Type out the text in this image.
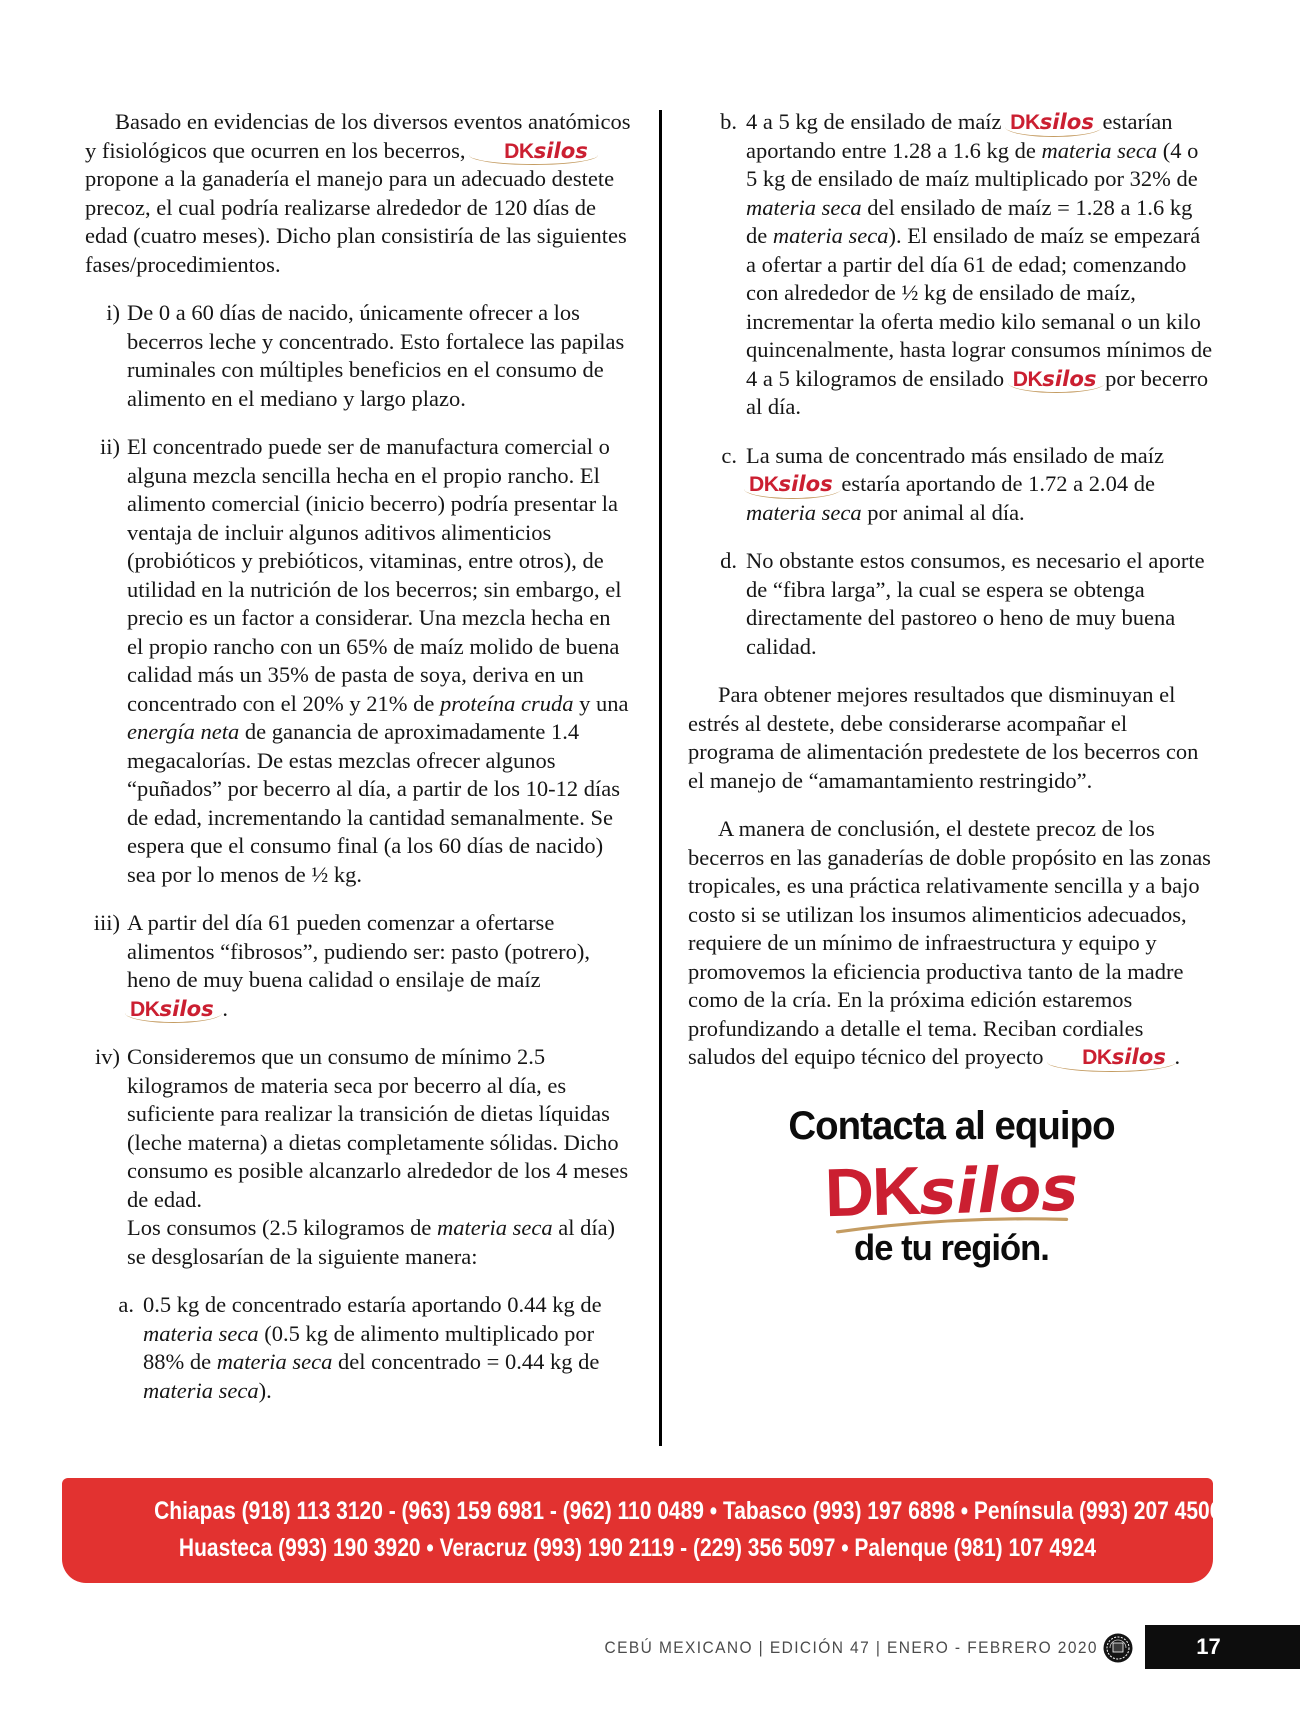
Basado en evidencias de los diversos eventos anatómicos y fisiológicos que ocurren en los becerros, DKsilos
propone a la ganadería el manejo para un adecuado destete precoz, el cual podría realizarse alrededor de 120 días de edad (cuatro meses). Dicho plan consistiría de las siguientes fases/procedimientos.

i) De 0 a 60 días de nacido, únicamente ofrecer a los becerros leche y concentrado. Esto fortalece las papilas ruminales con múltiples beneficios en el consumo de alimento en el mediano y largo plazo.
ii) El concentrado puede ser de manufactura comercial o alguna mezcla sencilla hecha en el propio rancho. El alimento comercial (inicio becerro) podría presentar la ventaja de incluir algunos aditivos alimenticios (probióticos y prebióticos, vitaminas, entre otros), de utilidad en la nutrición de los becerros; sin embargo, el precio es un factor a considerar. Una mezcla hecha en el propio rancho con un 65% de maíz molido de buena calidad más un 35% de pasta de soya, deriva en un concentrado con el 20% y 21% de proteína cruda y una energía neta de ganancia de aproximadamente 1.4 megacalorías. De estas mezclas ofrecer algunos “puñados” por becerro al día, a partir de los 10-12 días de edad, incrementando la cantidad semanalmente. Se espera que el consumo final (a los 60 días de nacido) sea por lo menos de ½ kg.
iii) A partir del día 61 pueden comenzar a ofertarse alimentos “fibrosos”, pudiendo ser: pasto (potrero), heno de muy buena calidad o ensilaje de maíz DKsilos
.
iv) Consideremos que un consumo de mínimo 2.5 kilogramos de materia seca por becerro al día, es suficiente para realizar la transición de dietas líquidas (leche materna) a dietas completamente sólidas. Dicho consumo es posible alcanzarlo alrededor de los 4 meses de edad.
Los consumos (2.5 kilogramos de materia seca al día) se desglosarían de la siguiente manera:
a. 0.5 kg de concentrado estaría aportando 0.44 kg de materia seca (0.5 kg de alimento multiplicado por 88% de materia seca del concentrado = 0.44 kg de materia seca).
b. 4 a 5 kg de ensilado de maíz DKsilos
estarían aportando entre 1.28 a 1.6 kg de materia seca (4 o 5 kg de ensilado de maíz multiplicado por 32% de materia seca del ensilado de maíz = 1.28 a 1.6 kg de materia seca). El ensilado de maíz se empezará a ofertar a partir del día 61 de edad; comenzando con alrededor de ½ kg de ensilado de maíz, incrementar la oferta medio kilo semanal o un kilo quincenalmente, hasta lograr consumos mínimos de 4 a 5 kilogramos de ensilado DKsilos
por becerro al día.
c. La suma de concentrado más ensilado de maíz DKsilos
estaría aportando de 1.72 a 2.04 de materia seca por animal al día.
d. No obstante estos consumos, es necesario el aporte de “fibra larga”, la cual se espera se obtenga directamente del pastoreo o heno de muy buena calidad.

Para obtener mejores resultados que disminuyan el estrés al destete, debe considerarse acompañar el programa de alimentación predestete de los becerros con el manejo de “amamantamiento restringido”.

A manera de conclusión, el destete precoz de los becerros en las ganaderías de doble propósito en las zonas tropicales, es una práctica relativamente sencilla y a bajo costo si se utilizan los insumos alimenticios adecuados, requiere de un mínimo de infraestructura y equipo y promovemos la eficiencia productiva tanto de la madre como de la cría. En la próxima edición estaremos profundizando a detalle el tema. Reciban cordiales saludos del equipo técnico del proyecto DKsilos
.

Contacta al equipo
DKsilos
de tu región.
Chiapas (918) 113 3120 - (963) 159 6981 - (962) 110 0489 • Tabasco (993) 197 6898 • Península (993) 207 4506
Huasteca (993) 190 3920 • Veracruz (993) 190 2119 - (229) 356 5097 • Palenque (981) 107 4924
CEBÚ MEXICANO | EDICIÓN 47 | ENERO - FEBRERO 2020	17
